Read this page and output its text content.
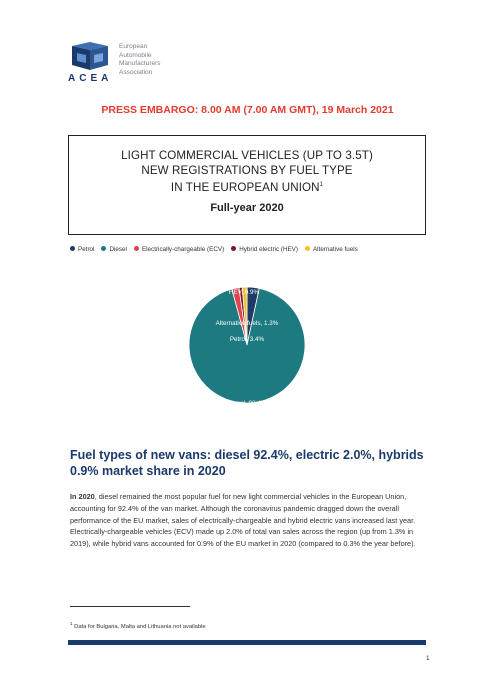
ACEA
European
Automobile
Manufacturers
Association
PRESS EMBARGO: 8.00 AM (7.00 AM GMT), 19 March 2021
LIGHT COMMERCIAL VEHICLES (UP TO 3.5T)
NEW REGISTRATIONS BY FUEL TYPE
IN THE EUROPEAN UNION$^1$
Full-year 2020
Petrol Diesel Electrically-chargeable (ECV) Hybrid electric (HEV) Alternative fuels
Petrol, 3.4%
Diesel, 92.4%
ECV, 2.0%
HEV, 0.9%
Alternative fuels, 1.3%
Fuel types of new vans: diesel 92.4%, electric 2.0%, hybrids 0.9% market share in 2020
In 2020, diesel remained the most popular fuel for new light commercial vehicles in the European Union, accounting for 92.4% of the van market. Although the coronavirus pandemic dragged down the overall performance of the EU market, sales of electrically-chargeable and hybrid electric vans increased last year. Electrically-chargeable vehicles (ECV) made up 2.0% of total van sales across the region (up from 1.3% in 2019), while hybrid vans accounted for 0.9% of the EU market in 2020 (compared to 0.3% the year before).
$^1$ Data for Bulgaria, Malta and Lithuania not available
1
